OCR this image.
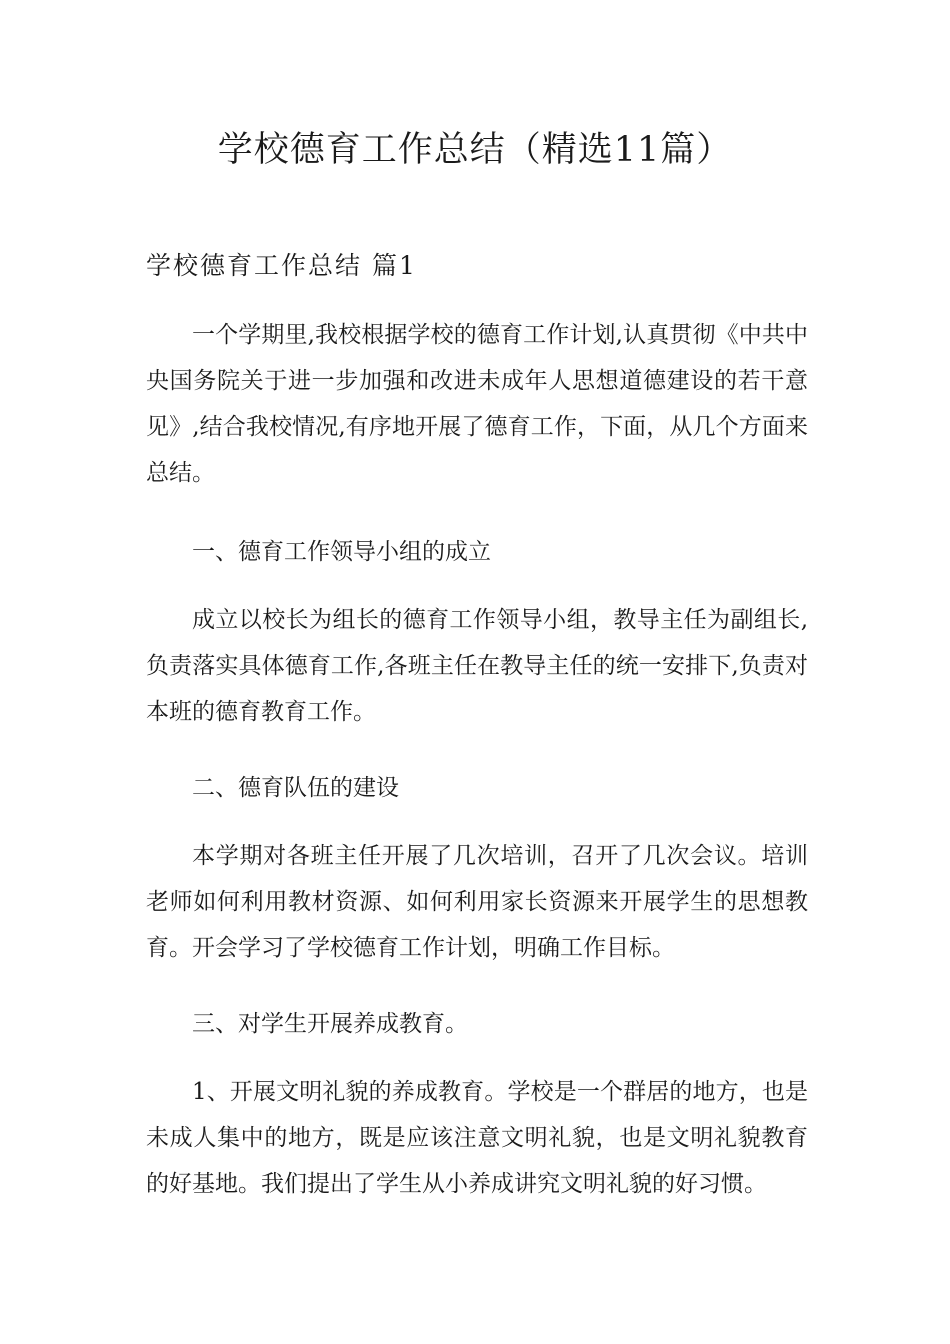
学校德育工作总结（精选11篇）
学校德育工作总结 篇1

一个学期里,我校根据学校的德育工作计划,认真贯彻《中共中央国务院关于进一步加强和改进未成年人思想道德建设的若干意见》,结合我校情况,有序地开展了德育工作，下面，从几个方面来总结。

一、德育工作领导小组的成立

成立以校长为组长的德育工作领导小组，教导主任为副组长,负责落实具体德育工作,各班主任在教导主任的统一安排下,负责对本班的德育教育工作。

二、德育队伍的建设

本学期对各班主任开展了几次培训，召开了几次会议。培训老师如何利用教材资源、如何利用家长资源来开展学生的思想教育。开会学习了学校德育工作计划，明确工作目标。

三、对学生开展养成教育。

1、开展文明礼貌的养成教育。学校是一个群居的地方，也是未成人集中的地方，既是应该注意文明礼貌，也是文明礼貌教育的好基地。我们提出了学生从小养成讲究文明礼貌的好习惯。
